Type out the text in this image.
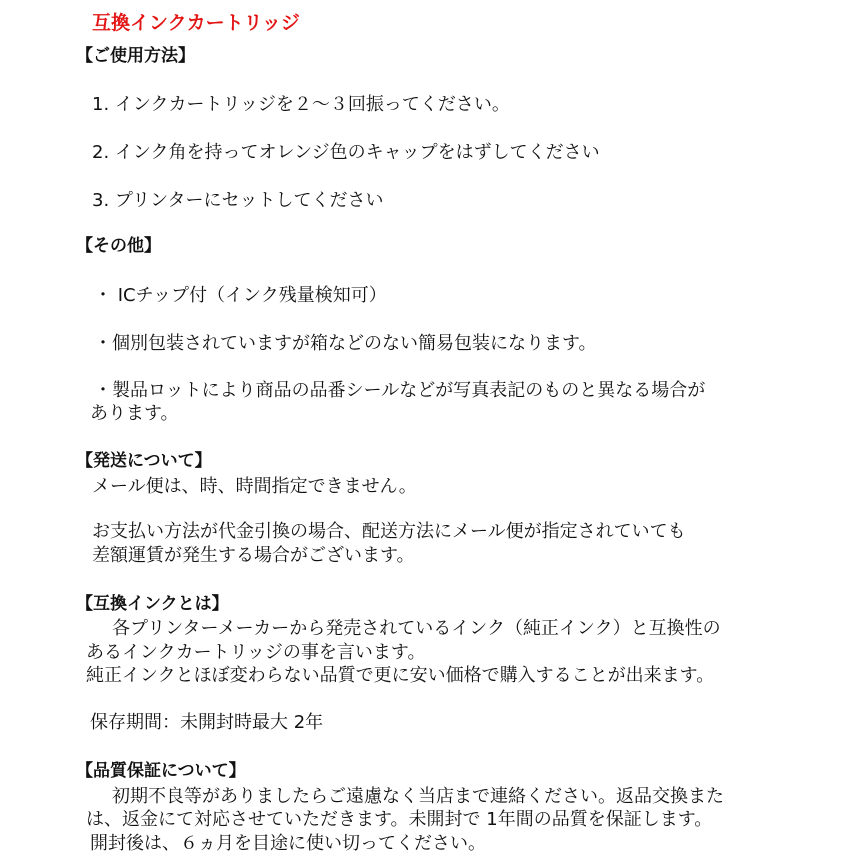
互換インクカートリッジ
【ご使用方法】
1. インクカートリッジを２～３回振ってください。
2. インク角を持ってオレンジ色のキャップをはずしてください
3. プリンターにセットしてください
【その他】
・ ICチップ付（インク残量検知可）
・個別包装されていますが箱などのない簡易包装になります。
・製品ロットにより商品の品番シールなどが写真表記のものと異なる場合が
あります。
【発送について】
メール便は、時、時間指定できません。
お支払い方法が代金引換の場合、配送方法にメール便が指定されていても
差額運賃が発生する場合がございます。
【互換インクとは】
各プリンターメーカーから発売されているインク（純正インク）と互換性の
あるインクカートリッジの事を言います。
純正インクとほぼ変わらない品質で更に安い価格で購入することが出来ます。
保存期間：未開封時最大 2年
【品質保証について】
初期不良等がありましたらご遠慮なく当店まで連絡ください。返品交換また
は、返金にて対応させていただきます。未開封で 1年間の品質を保証します。
開封後は、６ヵ月を目途に使い切ってください。
